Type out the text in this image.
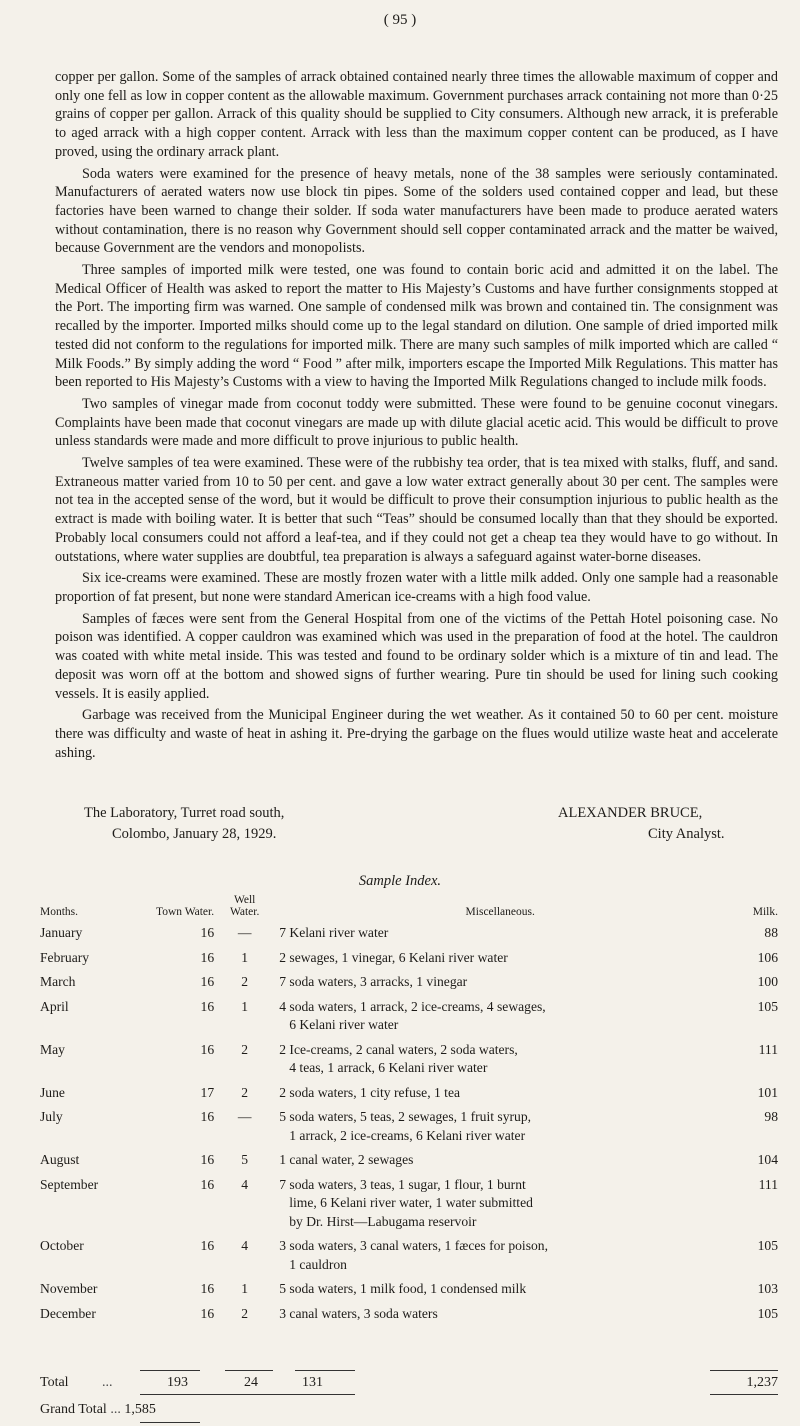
( 95 )

copper per gallon. Some of the samples of arrack obtained contained nearly three times the allowable maximum of copper and only one fell as low in copper content as the allowable maximum. Government purchases arrack containing not more than 0·25 grains of copper per gallon. Arrack of this quality should be supplied to City consumers. Although new arrack, it is preferable to aged arrack with a high copper content. Arrack with less than the maximum copper content can be produced, as I have proved, using the ordinary arrack plant.

Soda waters were examined for the presence of heavy metals, none of the 38 samples were seriously contaminated. Manufacturers of aerated waters now use block tin pipes. Some of the solders used contained copper and lead, but these factories have been warned to change their solder. If soda water manufacturers have been made to produce aerated waters without contamination, there is no reason why Government should sell copper contaminated arrack and the matter be waived, because Government are the vendors and monopolists.

Three samples of imported milk were tested, one was found to contain boric acid and admitted it on the label. The Medical Officer of Health was asked to report the matter to His Majesty’s Customs and have further consignments stopped at the Port. The importing firm was warned. One sample of condensed milk was brown and contained tin. The consignment was recalled by the importer. Imported milks should come up to the legal standard on dilution. One sample of dried imported milk tested did not conform to the regulations for imported milk. There are many such samples of milk imported which are called “ Milk Foods.” By simply adding the word “ Food ” after milk, importers escape the Imported Milk Regulations. This matter has been reported to His Majesty’s Customs with a view to having the Imported Milk Regulations changed to include milk foods.

Two samples of vinegar made from coconut toddy were submitted. These were found to be genuine coconut vinegars. Complaints have been made that coconut vinegars are made up with dilute glacial acetic acid. This would be difficult to prove unless standards were made and more difficult to prove injurious to public health.

Twelve samples of tea were examined. These were of the rubbishy tea order, that is tea mixed with stalks, fluff, and sand. Extraneous matter varied from 10 to 50 per cent. and gave a low water extract generally about 30 per cent. The samples were not tea in the accepted sense of the word, but it would be difficult to prove their consumption injurious to public health as the extract is made with boiling water. It is better that such “Teas” should be consumed locally than that they should be exported. Probably local consumers could not afford a leaf-tea, and if they could not get a cheap tea they would have to go without. In outstations, where water supplies are doubtful, tea preparation is always a safeguard against water-borne diseases.

Six ice-creams were examined. These are mostly frozen water with a little milk added. Only one sample had a reasonable proportion of fat present, but none were standard American ice-creams with a high food value.

Samples of fæces were sent from the General Hospital from one of the victims of the Pettah Hotel poisoning case. No poison was identified. A copper cauldron was examined which was used in the preparation of food at the hotel. The cauldron was coated with white metal inside. This was tested and found to be ordinary solder which is a mixture of tin and lead. The deposit was worn off at the bottom and showed signs of further wearing. Pure tin should be used for lining such cooking vessels. It is easily applied.

Garbage was received from the Municipal Engineer during the wet weather. As it contained 50 to 60 per cent. moisture there was difficulty and waste of heat in ashing it. Pre-drying the garbage on the flues would utilize waste heat and accelerate ashing.

The Laboratory, Turret road south,	ALEXANDER BRUCE,
Colombo, January 28, 1929.	City Analyst.
Sample Index.
Months.	Town Water.	Well Water.	Miscellaneous.	Milk.
January	16	—	7 Kelani river water	88
February	16	1	2 sewages, 1 vinegar, 6 Kelani river water	106
March	16	2	7 soda waters, 3 arracks, 1 vinegar	100
April	16	1	4 soda waters, 1 arrack, 2 ice-creams, 4 sewages,
6 Kelani river water	105
May	16	2	2 Ice-creams, 2 canal waters, 2 soda waters,
4 teas, 1 arrack, 6 Kelani river water	111
June	17	2	2 soda waters, 1 city refuse, 1 tea	101
July	16	—	5 soda waters, 5 teas, 2 sewages, 1 fruit syrup,
1 arrack, 2 ice-creams, 6 Kelani river water	98
August	16	5	1 canal water, 2 sewages	104
September	16	4	7 soda waters, 3 teas, 1 sugar, 1 flour, 1 burnt
lime, 6 Kelani river water, 1 water submitted
by Dr. Hirst—Labugama reservoir	111
October	16	4	3 soda waters, 3 canal waters, 1 fæces for poison,
1 cauldron	105
November	16	1	5 soda waters, 1 milk food, 1 condensed milk	103
December	16	2	3 canal waters, 3 soda waters	105
Total ...	193	24	131	1,237
Grand Total ... 1,585
